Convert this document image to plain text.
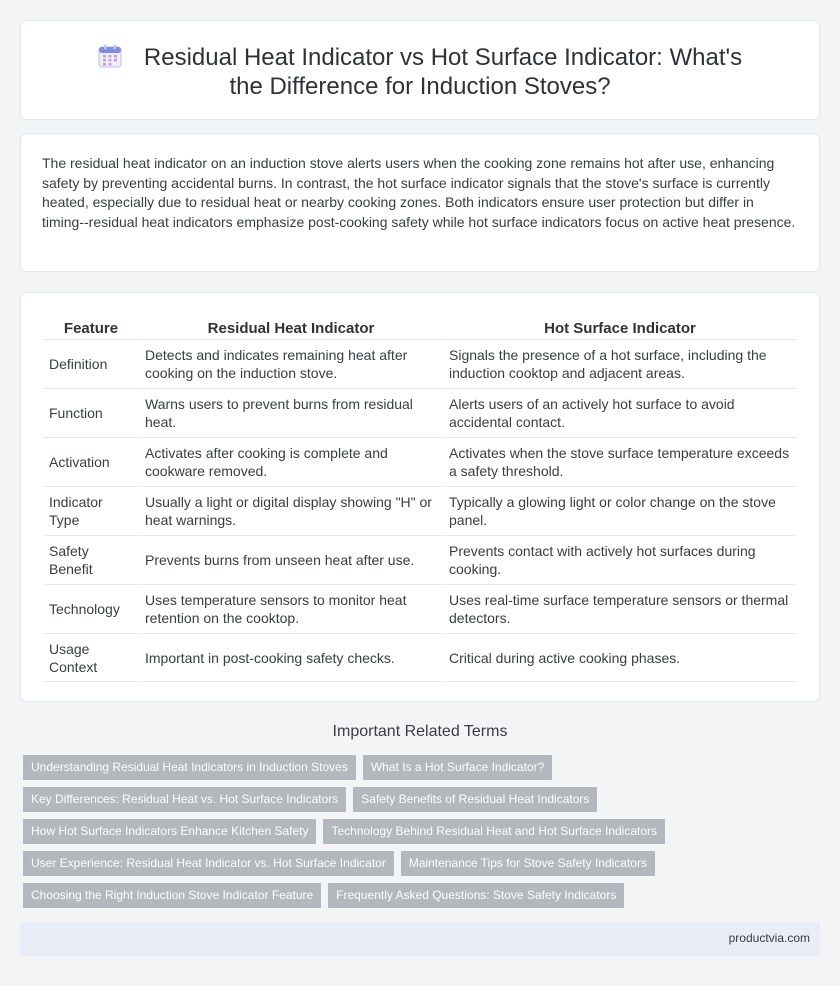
Residual Heat Indicator vs Hot Surface Indicator: What's the Difference for Induction Stoves?

The residual heat indicator on an induction stove alerts users when the cooking zone remains hot after use, enhancing safety by preventing accidental burns. In contrast, the hot surface indicator signals that the stove's surface is currently heated, especially due to residual heat or nearby cooking zones. Both indicators ensure user protection but differ in timing--residual heat indicators emphasize post-cooking safety while hot surface indicators focus on active heat presence.

Feature	Residual Heat Indicator	Hot Surface Indicator
Definition	Detects and indicates remaining heat after cooking on the induction stove.	Signals the presence of a hot surface, including the induction cooktop and adjacent areas.
Function	Warns users to prevent burns from residual heat.	Alerts users of an actively hot surface to avoid accidental contact.
Activation	Activates after cooking is complete and cookware removed.	Activates when the stove surface temperature exceeds a safety threshold.
Indicator Type	Usually a light or digital display showing "H" or heat warnings.	Typically a glowing light or color change on the stove panel.
Safety Benefit	Prevents burns from unseen heat after use.	Prevents contact with actively hot surfaces during cooking.
Technology	Uses temperature sensors to monitor heat retention on the cooktop.	Uses real-time surface temperature sensors or thermal detectors.
Usage Context	Important in post-cooking safety checks.	Critical during active cooking phases.
Important Related Terms
Understanding Residual Heat Indicators in Induction Stoves	What Is a Hot Surface Indicator?
Key Differences: Residual Heat vs. Hot Surface Indicators	Safety Benefits of Residual Heat Indicators
How Hot Surface Indicators Enhance Kitchen Safety	Technology Behind Residual Heat and Hot Surface Indicators
User Experience: Residual Heat Indicator vs. Hot Surface Indicator	Maintenance Tips for Stove Safety Indicators
Choosing the Right Induction Stove Indicator Feature	Frequently Asked Questions: Stove Safety Indicators
productvia.com
